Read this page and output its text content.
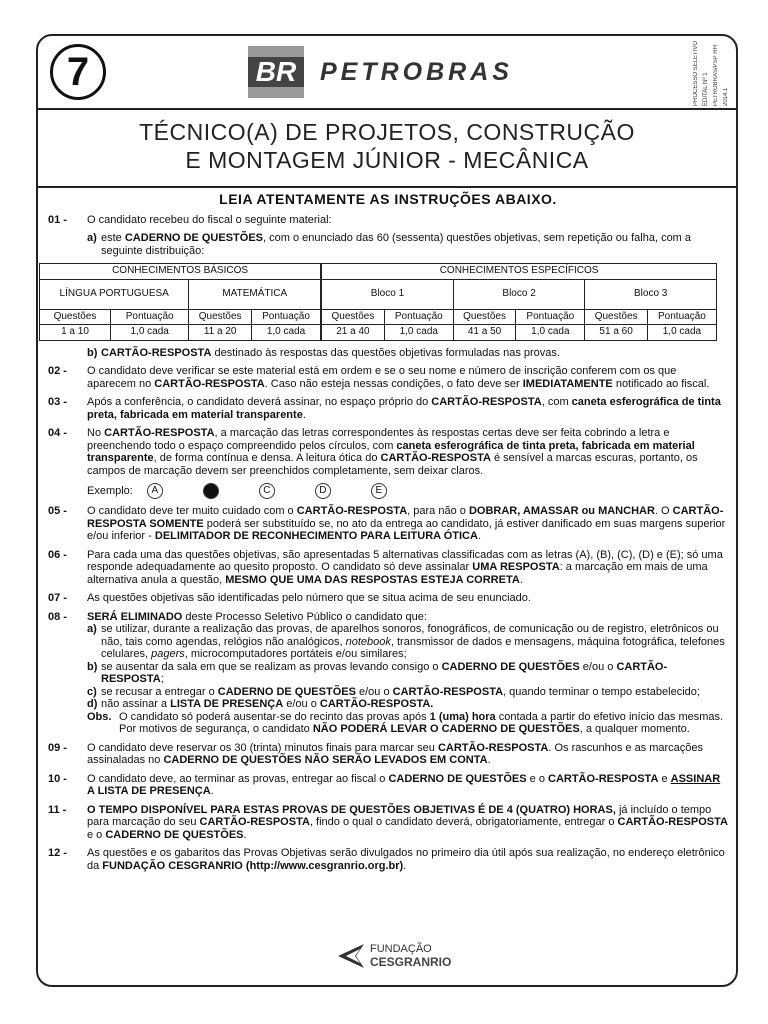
7	BR PETROBRAS	PROCESSO SELETIVO EDITAL Nº 1 PETROBRAS/PSP RH 2014.1
TÉCNICO(A) DE PROJETOS, CONSTRUÇÃO
E MONTAGEM JÚNIOR - MECÂNICA
LEIA ATENTAMENTE AS INSTRUÇÕES ABAIXO.
01 - O candidato recebeu do fiscal o seguinte material:
a) este CADERNO DE QUESTÕES, com o enunciado das 60 (sessenta) questões objetivas, sem repetição ou falha, com a seguinte distribuição:
CONHECIMENTOS BÁSICOS				CONHECIMENTOS ESPECÍFICOS					
LÍNGUA PORTUGUESA		MATEMÁTICA		Bloco 1		Bloco 2		Bloco 3	
Questões	Pontuação	Questões	Pontuação	Questões	Pontuação	Questões	Pontuação	Questões	Pontuação
1 a 10	1,0 cada	11 a 20	1,0 cada	21 a 40	1,0 cada	41 a 50	1,0 cada	51 a 60	1,0 cada
b) CARTÃO-RESPOSTA destinado às respostas das questões objetivas formuladas nas provas.
02 - O candidato deve verificar se este material está em ordem e se o seu nome e número de inscrição conferem com os que aparecem no CARTÃO-RESPOSTA. Caso não esteja nessas condições, o fato deve ser IMEDIATAMENTE notificado ao fiscal.
03 - Após a conferência, o candidato deverá assinar, no espaço próprio do CARTÃO-RESPOSTA, com caneta esferográfica de tinta preta, fabricada em material transparente.
04 - No CARTÃO-RESPOSTA, a marcação das letras correspondentes às respostas certas deve ser feita cobrindo a letra e preenchendo todo o espaço compreendido pelos círculos, com caneta esferográfica de tinta preta, fabricada em material transparente, de forma contínua e densa. A leitura ótica do CARTÃO-RESPOSTA é sensível a marcas escuras, portanto, os campos de marcação devem ser preenchidos completamente, sem deixar claros.
Exemplo:	A	C	D	E
05 - O candidato deve ter muito cuidado com o CARTÃO-RESPOSTA, para não o DOBRAR, AMASSAR ou MANCHAR. O CARTÃO-RESPOSTA SOMENTE poderá ser substituído se, no ato da entrega ao candidato, já estiver danificado em suas margens superior e/ou inferior - DELIMITADOR DE RECONHECIMENTO PARA LEITURA ÓTICA.
06 - Para cada uma das questões objetivas, são apresentadas 5 alternativas classificadas com as letras (A), (B), (C), (D) e (E); só uma responde adequadamente ao quesito proposto. O candidato só deve assinalar UMA RESPOSTA: a marcação em mais de uma alternativa anula a questão, MESMO QUE UMA DAS RESPOSTAS ESTEJA CORRETA.
07 - As questões objetivas são identificadas pelo número que se situa acima de seu enunciado.
08 - SERÁ ELIMINADO deste Processo Seletivo Público o candidato que:
a) se utilizar, durante a realização das provas, de aparelhos sonoros, fonográficos, de comunicação ou de registro, eletrônicos ou não, tais como agendas, relógios não analógicos, notebook, transmissor de dados e mensagens, máquina fotográfica, telefones celulares, pagers, microcomputadores portáteis e/ou similares;
b) se ausentar da sala em que se realizam as provas levando consigo o CADERNO DE QUESTÕES e/ou o CARTÃO-RESPOSTA;
c) se recusar a entregar o CADERNO DE QUESTÕES e/ou o CARTÃO-RESPOSTA, quando terminar o tempo estabelecido;
d) não assinar a LISTA DE PRESENÇA e/ou o CARTÃO-RESPOSTA.
Obs. O candidato só poderá ausentar-se do recinto das provas após 1 (uma) hora contada a partir do efetivo início das mesmas. Por motivos de segurança, o candidato NÃO PODERÁ LEVAR O CADERNO DE QUESTÕES, a qualquer momento.
09 - O candidato deve reservar os 30 (trinta) minutos finais para marcar seu CARTÃO-RESPOSTA. Os rascunhos e as marcações assinaladas no CADERNO DE QUESTÕES NÃO SERÃO LEVADOS EM CONTA.
10 - O candidato deve, ao terminar as provas, entregar ao fiscal o CADERNO DE QUESTÕES e o CARTÃO-RESPOSTA e ASSINAR A LISTA DE PRESENÇA.
11 - O TEMPO DISPONÍVEL PARA ESTAS PROVAS DE QUESTÕES OBJETIVAS É DE 4 (QUATRO) HORAS, já incluído o tempo para marcação do seu CARTÃO-RESPOSTA, findo o qual o candidato deverá, obrigatoriamente, entregar o CARTÃO-RESPOSTA e o CADERNO DE QUESTÕES.
12 - As questões e os gabaritos das Provas Objetivas serão divulgados no primeiro dia útil após sua realização, no endereço eletrônico da FUNDAÇÃO CESGRANRIO (http://www.cesgranrio.org.br).
FUNDAÇÃO
CESGRANRIO
